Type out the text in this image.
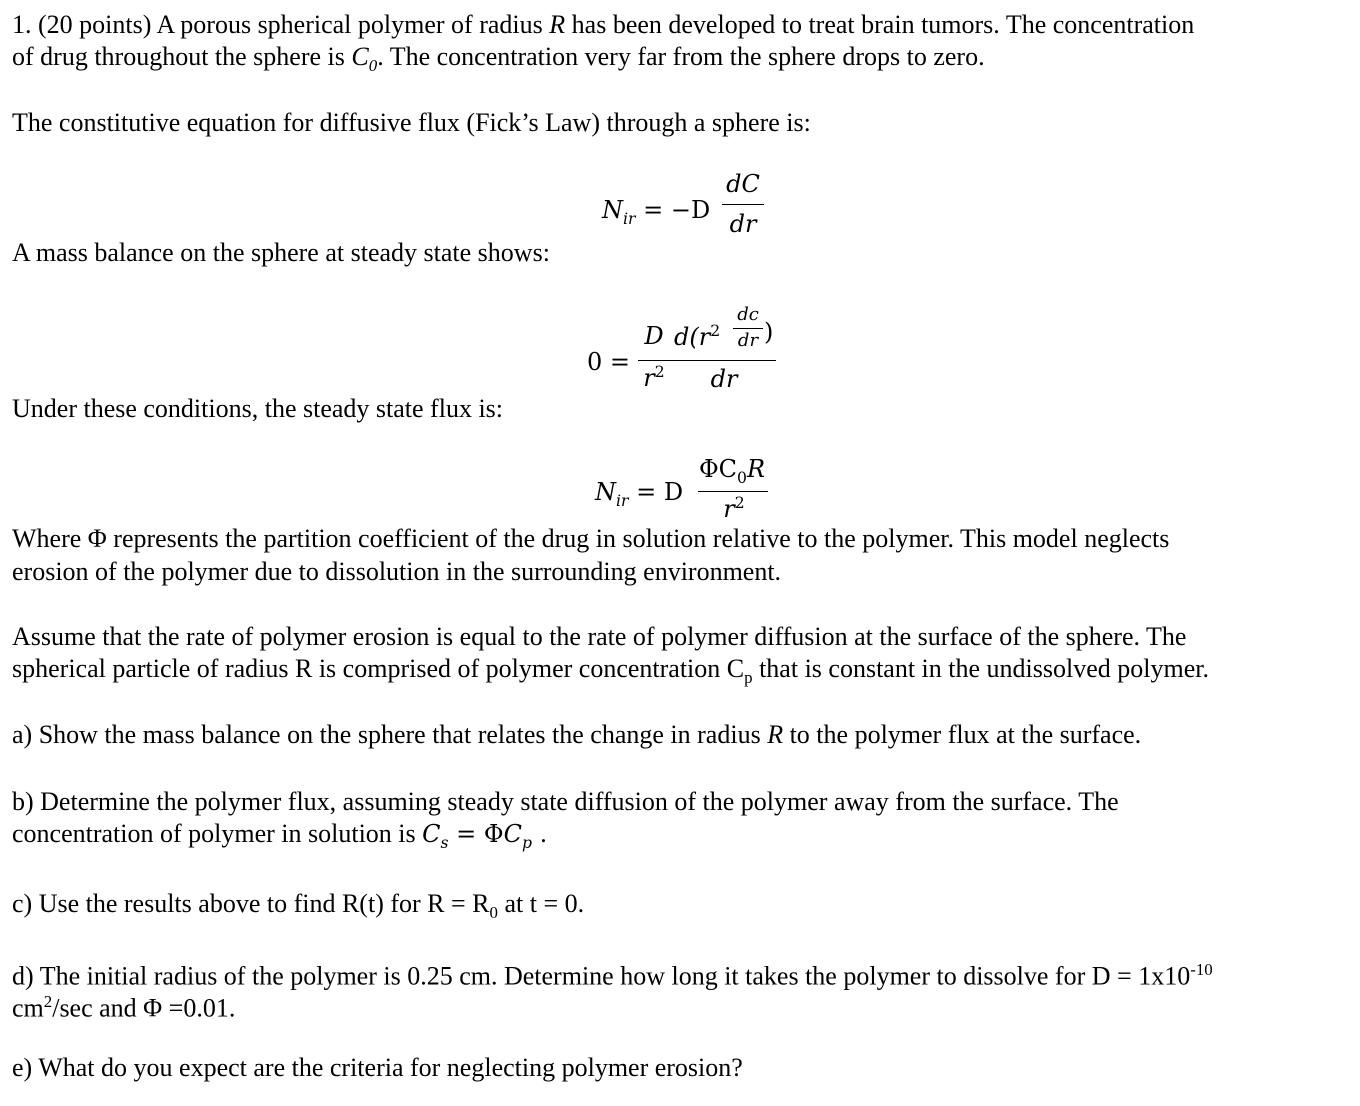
1. (20 points) A porous spherical polymer of radius R has been developed to treat brain tumors. The concentration
of drug throughout the sphere is $C_0$. The concentration very far from the sphere drops to zero.
The constitutive equation for diffusive flux (Fick’s Law) through a sphere is:
$N_{ir} = -D$
dC
dr
A mass balance on the sphere at steady state shows:
0 =
D
$r^2$
$d(r^2$
dc
dr )
dr
Under these conditions, the steady state flux is:
$N_{ir} = D$
$\Phi C_0R$
$r^2$
Where Φ represents the partition coefficient of the drug in solution relative to the polymer. This model neglects
erosion of the polymer due to dissolution in the surrounding environment.
Assume that the rate of polymer erosion is equal to the rate of polymer diffusion at the surface of the sphere. The
spherical particle of radius R is comprised of polymer concentration $C_p$ that is constant in the undissolved polymer.
a) Show the mass balance on the sphere that relates the change in radius R to the polymer flux at the surface.
b) Determine the polymer flux, assuming steady state diffusion of the polymer away from the surface. The
concentration of polymer in solution is $C_s = \Phi C_p$ .
c) Use the results above to find R(t) for $R = R_0$ at t = 0.
d) The initial radius of the polymer is 0.25 cm. Determine how long it takes the polymer to dissolve for $D = 1x10^{-10}$
$cm^2/\sec$ and Φ =0.01.
e) What do you expect are the criteria for neglecting polymer erosion?
